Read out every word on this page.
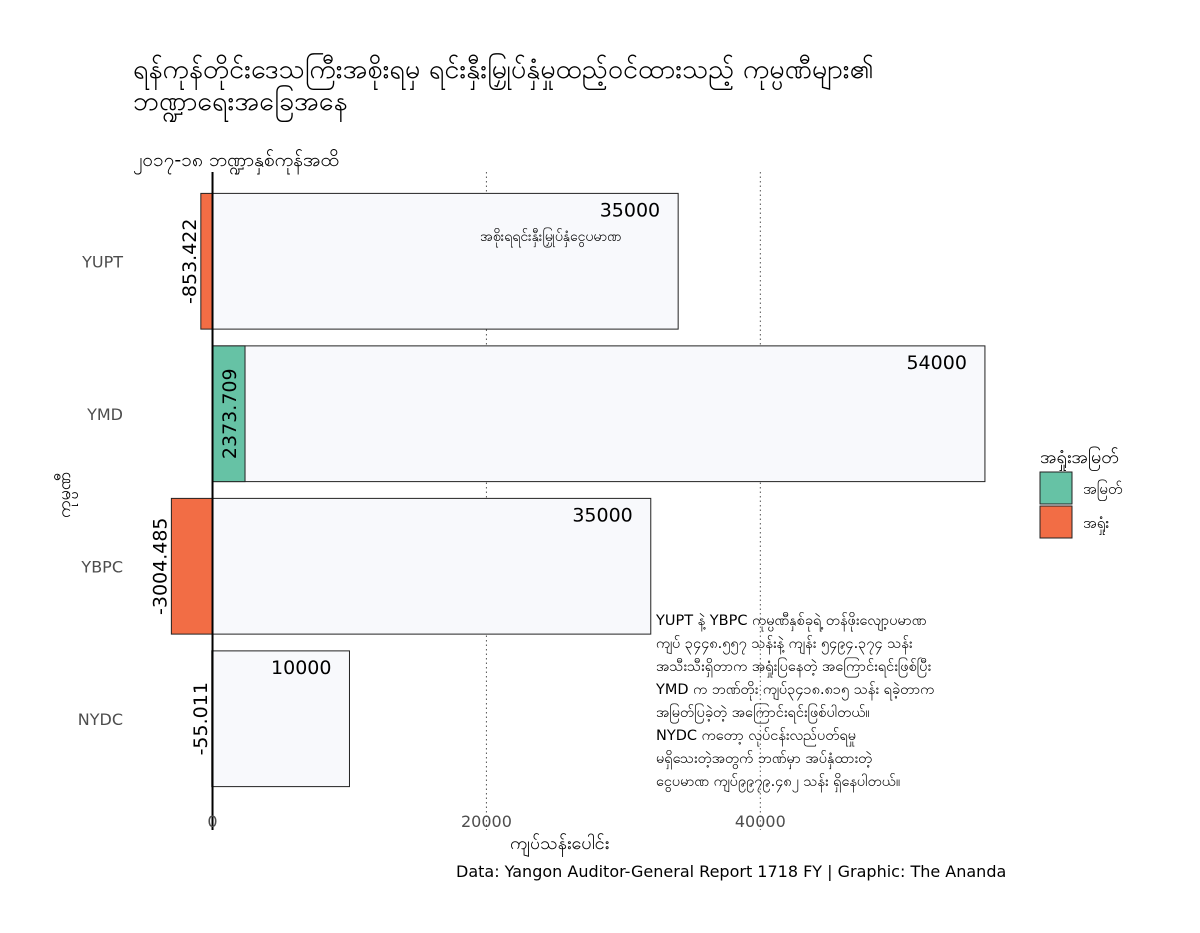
ရန်ကုန်တိုင်းဒေသကြီးအစိုးရမှ ရင်းနှီးမြှုပ်နှံမှုထည့်ဝင်ထားသည့် ကုမ္ပဏီများ၏
ဘဏ္ဍာရေးအခြေအနေ
၂၀၁၇-၁၈ ဘဏ္ဍာနှစ်ကုန်အထိ
35000
-853.422
54000
2373.709
35000
-3004.485
10000
-55.011
YUPT
YMD
YBPC
NYDC
0	20000	40000
ကျပ်သန်းပေါင်း
ကုမ္ပဏီ
အစိုးရရင်းနှီးမြှုပ်နှံငွေပမာဏ
YUPT နဲ့ YBPC ကုမ္ပဏီနှစ်ခုရဲ့ တန်ဖိုးလျော့ပမာဏ
ကျပ် ၃၄၄၈.၅၅၇ သန်းနဲ့ ကျန်း ၅၄၉၄.၃၇၄ သန်း
အသီးသီးရှိတာက အရှုံးပြနေတဲ့ အကြောင်းရင်းဖြစ်ပြီး
YMD က ဘဏ်တိုး ကျပ်၃၄၁၈.၈၁၅ သန်း ရခဲ့တာက
အမြတ်ပြခဲ့တဲ့ အကြောင်းရင်းဖြစ်ပါတယ်။
NYDC ကတော့ လုပ်ငန်းလည်ပတ်ရမှု
မရှိသေးတဲ့အတွက် ဘဏ်မှာ အပ်နှံထားတဲ့
ငွေပမာဏ ကျပ်၉၉၇၉.၄၈၂ သန်း ရှိနေပါတယ်။
အရှုံးအမြတ်
အမြတ်
အရှုံး
Data: Yangon Auditor-General Report 1718 FY | Graphic: The Ananda
